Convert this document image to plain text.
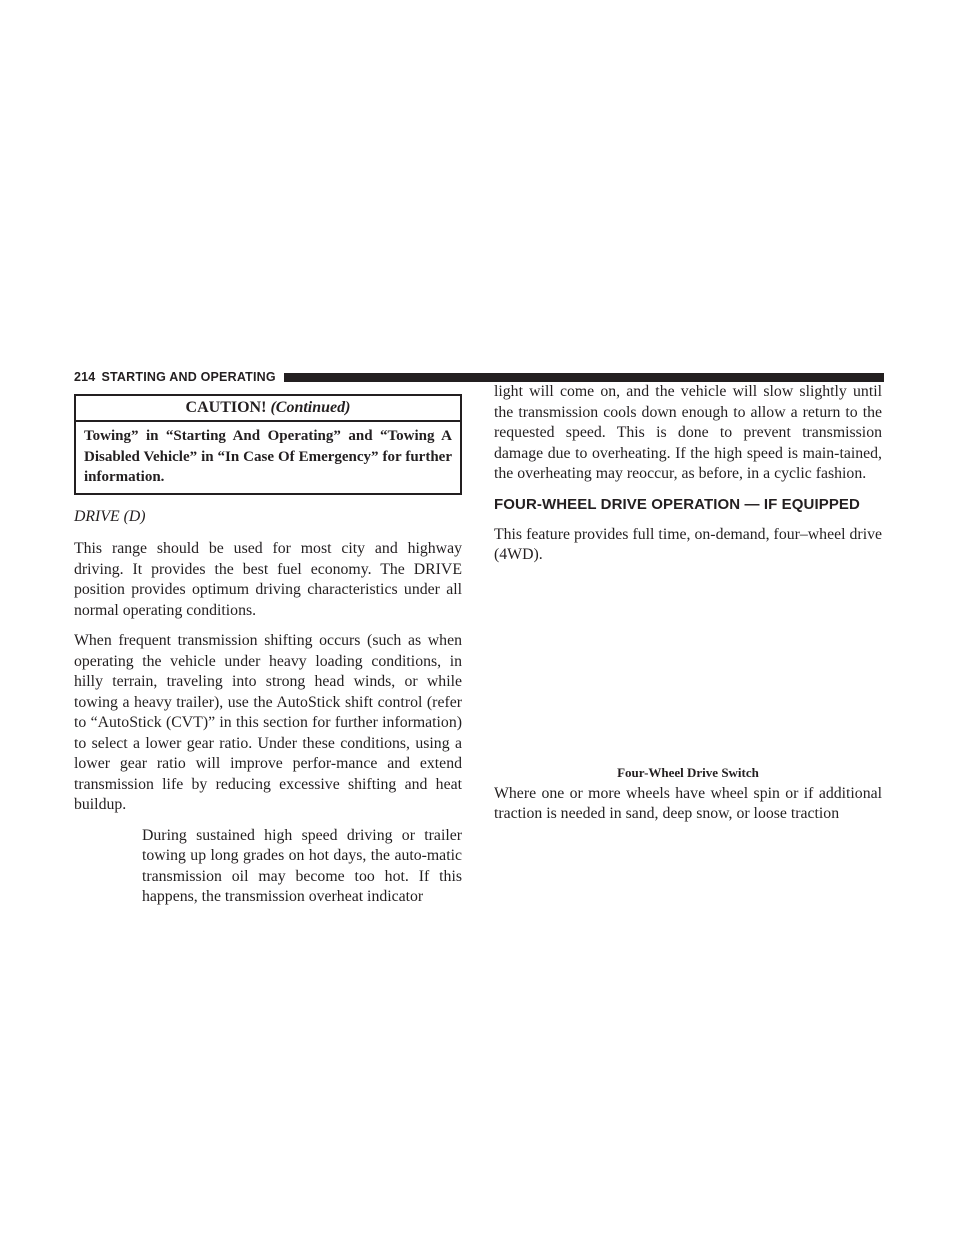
214 STARTING AND OPERATING
CAUTION! (Continued)
Towing” in “Starting And Operating” and “Towing A Disabled Vehicle” in “In Case Of Emergency” for further information.

DRIVE (D)

This range should be used for most city and highway driving. It provides the best fuel economy. The DRIVE position provides optimum driving characteristics under all normal operating conditions.

When frequent transmission shifting occurs (such as when operating the vehicle under heavy loading conditions, in hilly terrain, traveling into strong head winds, or while towing a heavy trailer), use the AutoStick shift control (refer to “AutoStick (CVT)” in this section for further information) to select a lower gear ratio. Under these conditions, using a lower gear ratio will improve perfor-mance and extend transmission life by reducing excessive shifting and heat buildup.

During sustained high speed driving or trailer towing up long grades on hot days, the auto-matic transmission oil may become too hot. If this happens, the transmission overheat indicator

light will come on, and the vehicle will slow slightly until the transmission cools down enough to allow a return to the requested speed. This is done to prevent transmission damage due to overheating. If the high speed is main-tained, the overheating may reoccur, as before, in a cyclic fashion.

FOUR-WHEEL DRIVE OPERATION — IF EQUIPPED

This feature provides full time, on-demand, four–wheel drive (4WD).

Four-Wheel Drive Switch

Where one or more wheels have wheel spin or if additional traction is needed in sand, deep snow, or loose traction
